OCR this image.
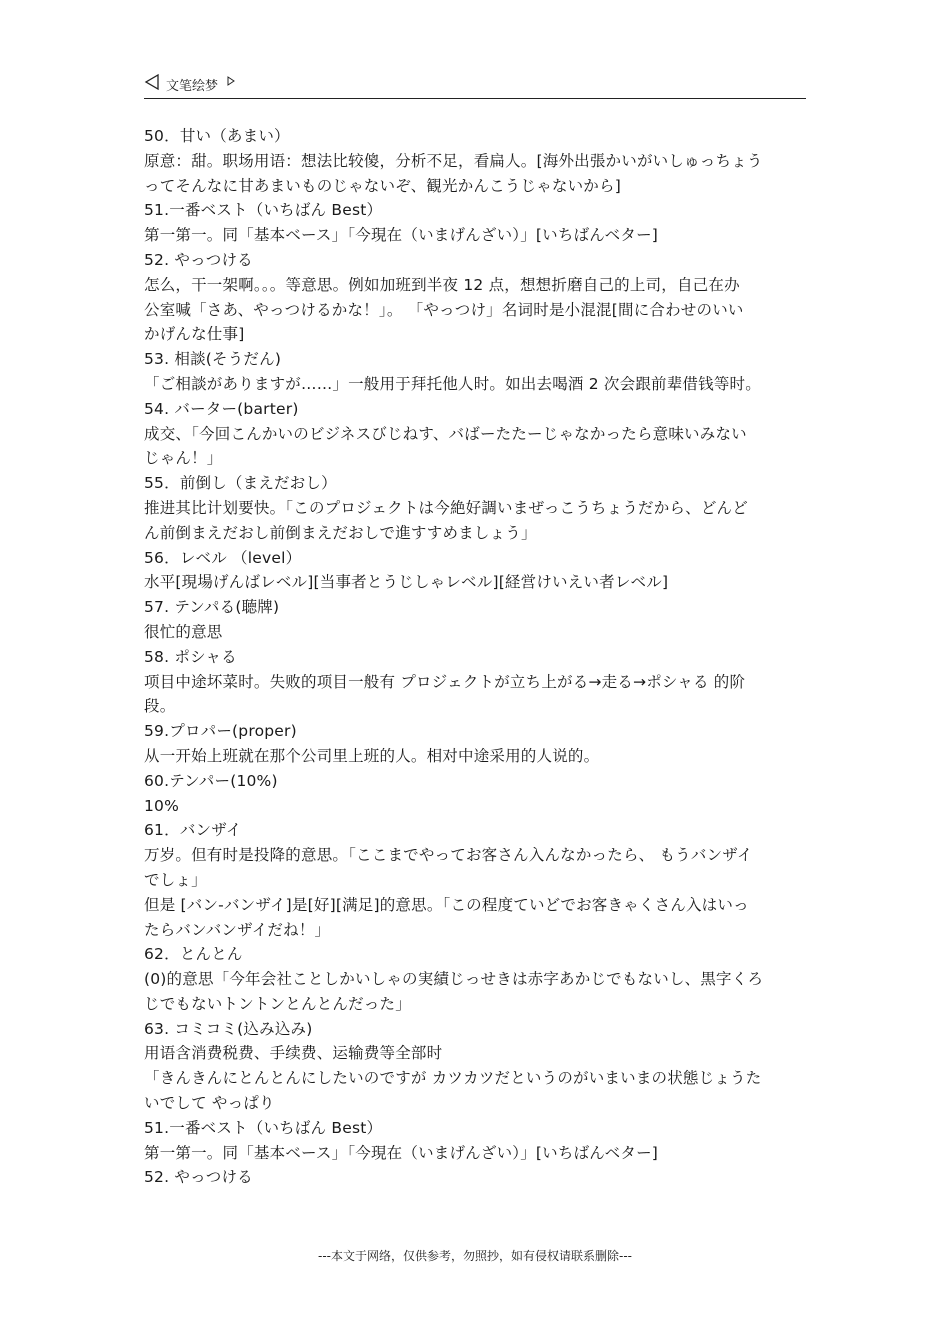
文笔绘梦
50．甘い（あまい）
原意：甜。职场用语：想法比较傻，分析不足，看扁人。[海外出張かいがいしゅっちょう
ってそんなに甘あまいものじゃないぞ、観光かんこうじゃないから]
51.一番ベスト（いちばん Best）
第一第一。同「基本ベース」「今現在（いまげんざい）」[いちばんベター]
52. やっつける
怎么，干一架啊。。。等意思。例如加班到半夜 12 点，想想折磨自己的上司，自己在办
公室喊「さあ、やっつけるかな！」。 「やっつけ」名词时是小混混[間に合わせのいい
かげんな仕事]
53. 相談(そうだん)
「ご相談がありますが……」一般用于拜托他人时。如出去喝酒 2 次会跟前辈借钱等时。
54. バーター(barter)
成交、「今回こんかいのビジネスびじねす、バばーたたーじゃなかったら意味いみない
じゃん！」
55．前倒し（まえだおし）
推进其比计划要快。「このプロジェクトは今絶好調いまぜっこうちょうだから、どんど
ん前倒まえだおし前倒まえだおしで進すすめましょう」
56．レベル （level）
水平[現場げんばレベル][当事者とうじしゃレベル][経営けいえい者レベル]
57. テンパる(聴牌)
很忙的意思
58. ポシャる
项目中途坏菜时。失败的项目一般有 プロジェクトが立ち上がる→走る→ポシャる 的阶
段。
59.プロパー(proper)
从一开始上班就在那个公司里上班的人。相对中途采用的人说的。
60.テンパー(10%)
10%
61．バンザイ
万岁。但有时是投降的意思。「ここまでやってお客さん入んなかったら、 もうバンザイ
でしょ」
但是 [バン-バンザイ]是[好][满足]的意思。「この程度ていどでお客きゃくさん入はいっ
たらバンバンザイだね！」
62．とんとん
(0)的意思「今年会社ことしかいしゃの実績じっせきは赤字あかじでもないし、黒字くろ
じでもないトントンとんとんだった」
63. コミコミ(込み込み)
用语含消费税费、手续费、运输费等全部时
「きんきんにとんとんにしたいのですが カツカツだというのがいまいまの状態じょうた
いでして やっぱり
51.一番ベスト（いちばん Best）
第一第一。同「基本ベース」「今現在（いまげんざい）」[いちばんベター]
52. やっつける
---本文于网络，仅供参考，勿照抄，如有侵权请联系删除---
